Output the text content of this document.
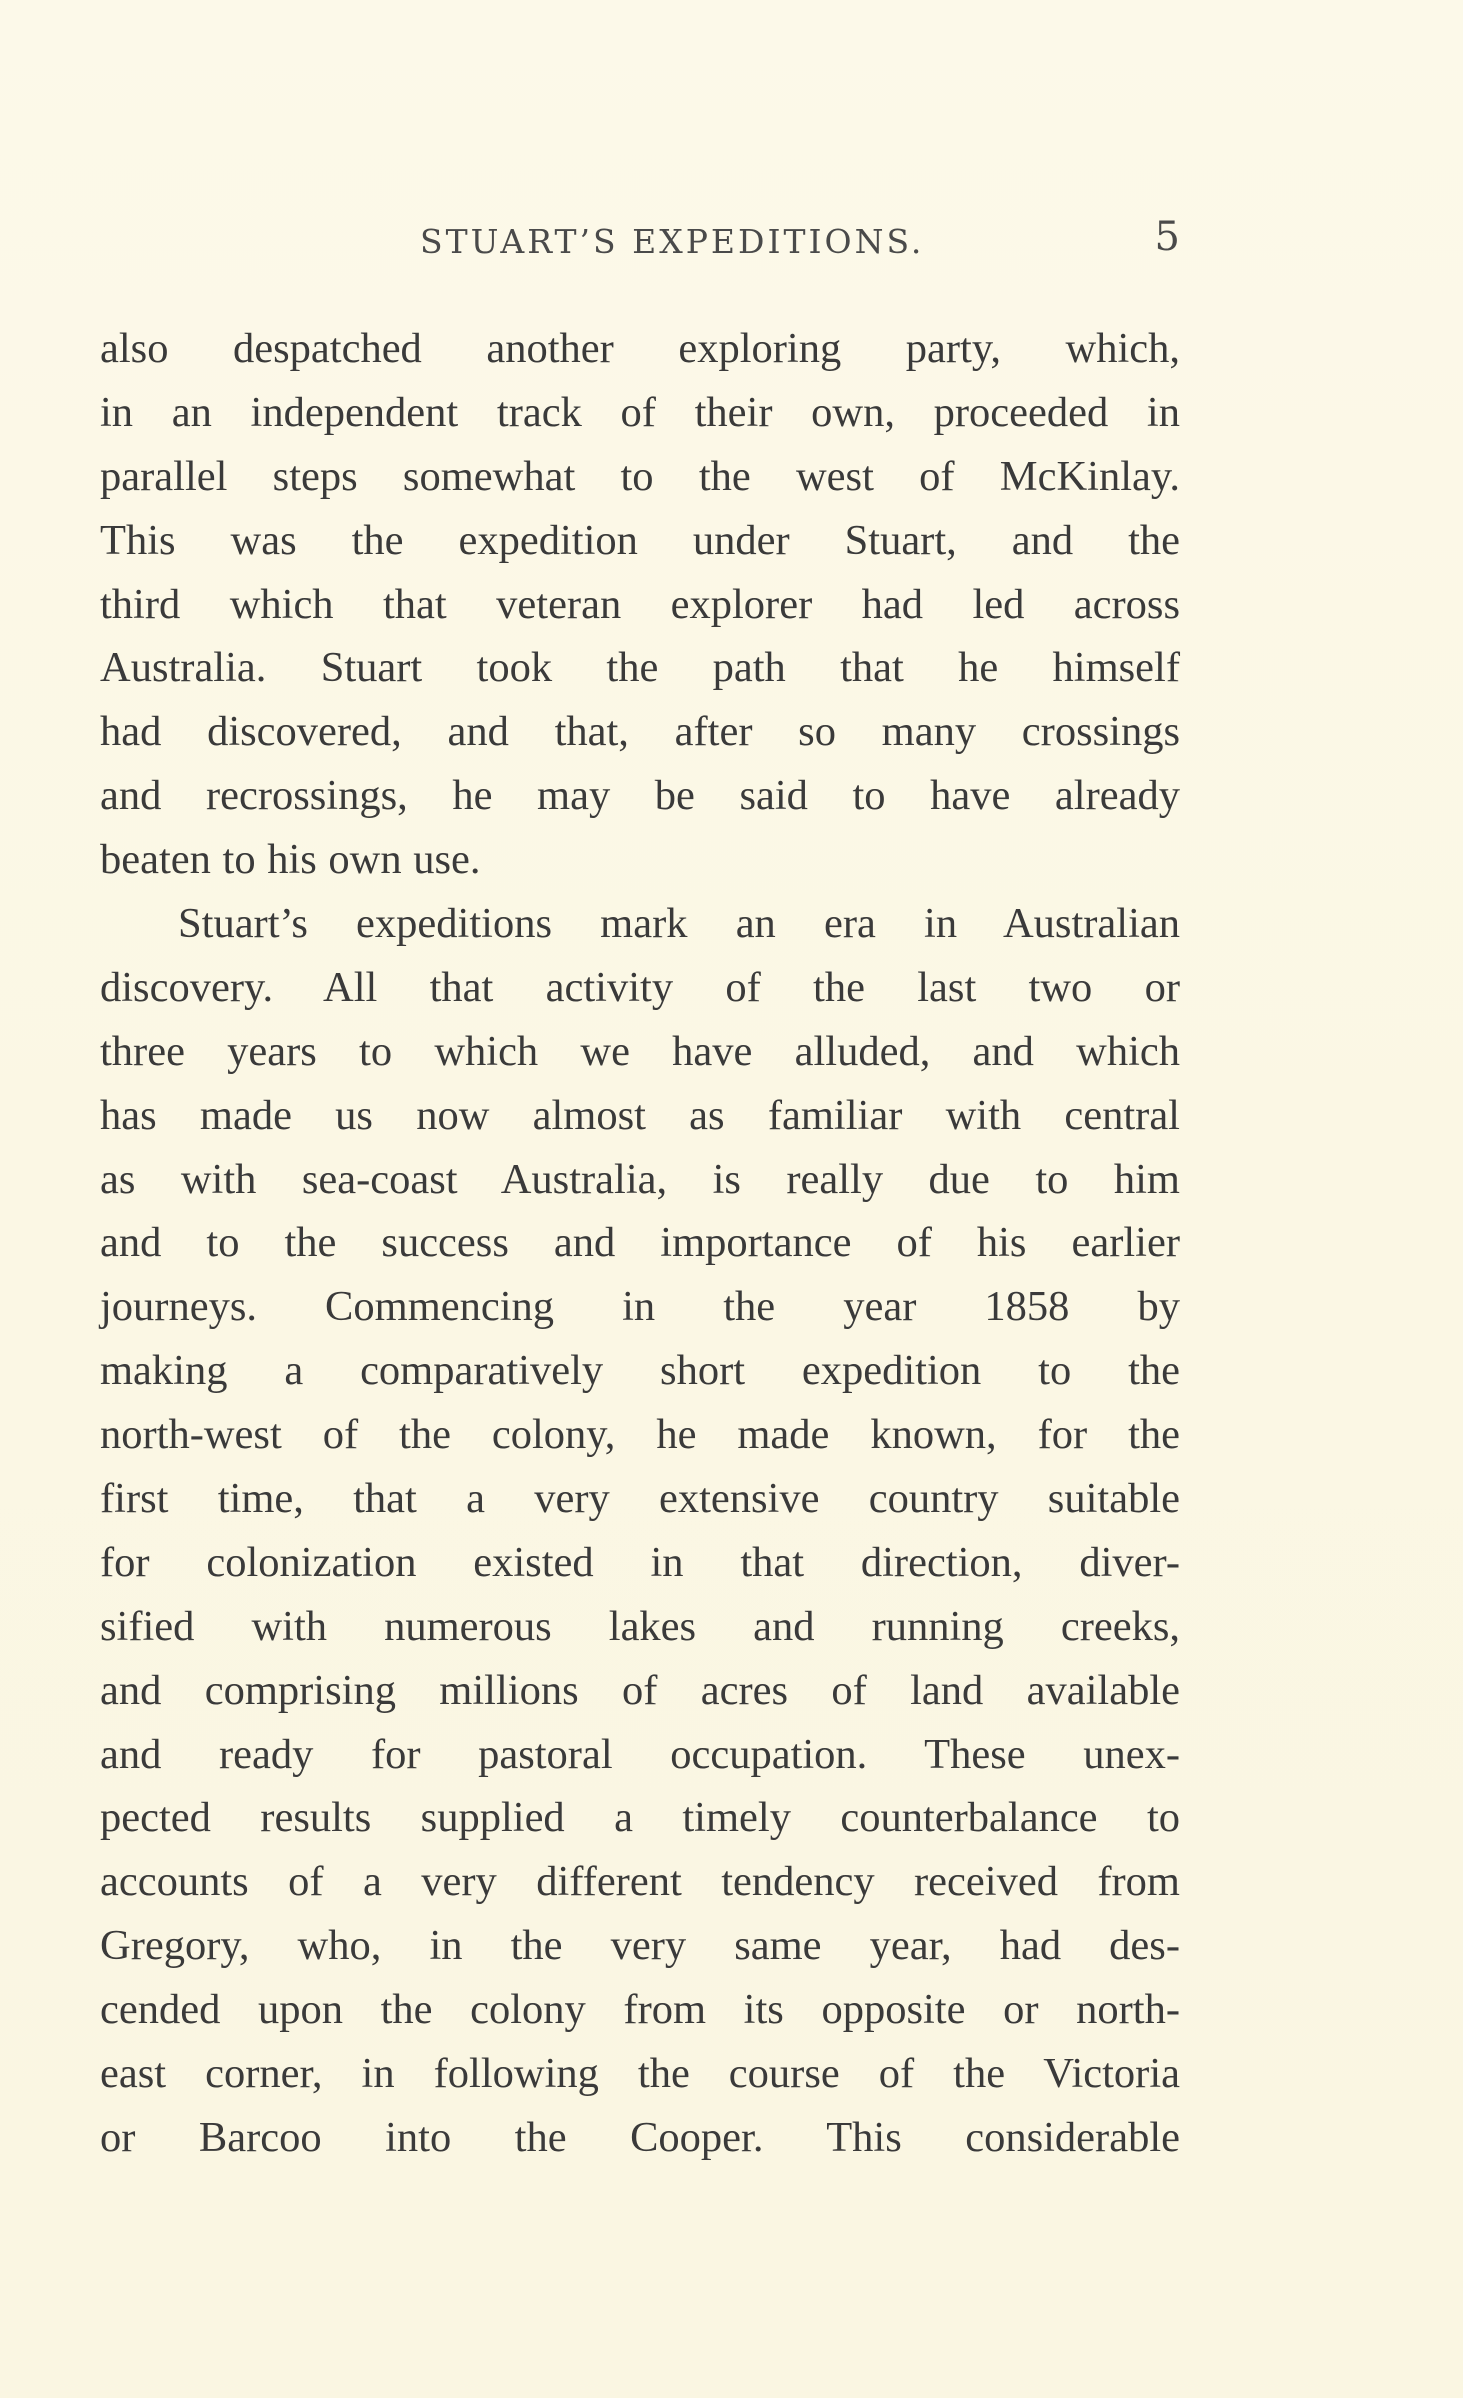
STUART’S EXPEDITIONS.	5
also despatched another exploring party, which,
in an independent track of their own, proceeded in
parallel steps somewhat to the west of McKinlay.
This was the expedition under Stuart, and the
third which that veteran explorer had led across
Australia. Stuart took the path that he himself
had discovered, and that, after so many crossings
and recrossings, he may be said to have already
beaten to his own use.
Stuart’s expeditions mark an era in Australian
discovery. All that activity of the last two or
three years to which we have alluded, and which
has made us now almost as familiar with central
as with sea-coast Australia, is really due to him
and to the success and importance of his earlier
journeys. Commencing in the year 1858 by
making a comparatively short expedition to the
north-west of the colony, he made known, for the
first time, that a very extensive country suitable
for colonization existed in that direction, diver-
sified with numerous lakes and running creeks,
and comprising millions of acres of land available
and ready for pastoral occupation. These unex-
pected results supplied a timely counterbalance to
accounts of a very different tendency received from
Gregory, who, in the very same year, had des-
cended upon the colony from its opposite or north-
east corner, in following the course of the Victoria
or Barcoo into the Cooper. This considerable
